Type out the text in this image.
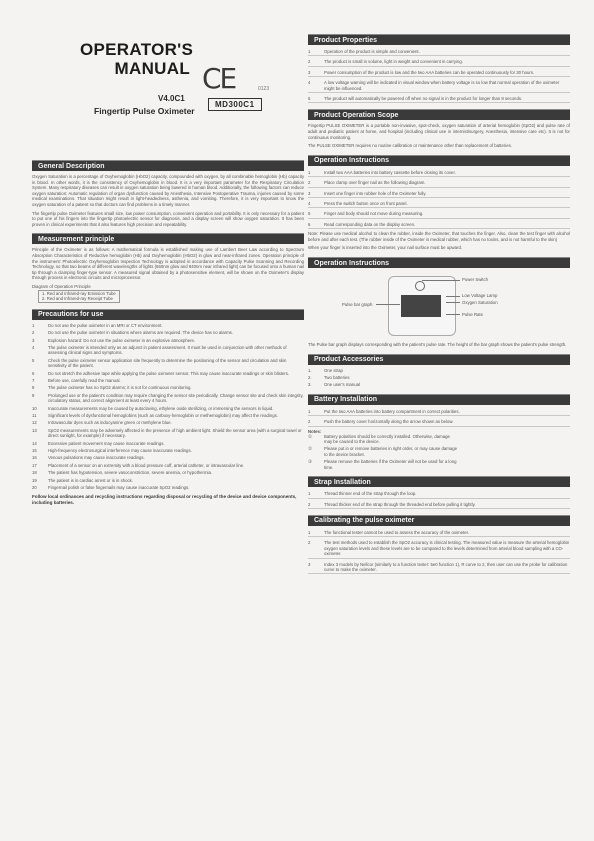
OPERATOR'S
MANUAL CE	0123
V4.0C1
Fingertip Pulse Oximeter
MD300C1
General Description

Oxygen Saturation is a percentage of Oxyhemoglobin (HbO2) capacity, compounded with oxygen, by all combinable hemoglobin (Hb) capacity in blood. In other words, it is the consistency of Oxyhemoglobin in blood. It is a very important parameter for the Respiratory Circulation System. Many respiratory diseases can result in oxygen saturation being lowered in human blood. Additionally, the following factors can reduce oxygen saturation: Automatic regulation of organ dysfunction caused by Anesthesia, Intensive Postoperative Trauma, injuries caused by some medical examinations. That situation might result in light-headedness, asthenia, and vomiting. Therefore, it is very important to know the oxygen saturation of a patient so that doctors can find problems in a timely manner.

The fingertip pulse Oximeter features small size, low power consumption, convenient operation and portability. It is only necessary for a patient to put one of his fingers into the fingertip photoelectric sensor for diagnosis, and a display screen will show oxygen saturation. It has been proven in clinical experiments that it also features high precision and repeatability.

Measurement principle

Principle of the Oximeter is as follows: A mathematical formula is established making use of Lambert Beer Law according to Spectrum Absorption Characteristics of Reductive hemoglobin (Hb) and Oxyhemoglobin (HbO2) in glow and near-infrared zones. Operation principle of the instrument: Photoelectric Oxyhemoglobin Inspection Technology is adopted in accordance with Capacity Pulse Scanning and Recording Technology, so that two beams of different wavelengths of lights (660nm glow and 940nm near infrared light) can be focused onto a human nail tip through a clamping finger-type sensor. A measured signal obtained by a photosensitive element, will be shown on the Oximeter's display through process in electronic circuits and microprocessor.

Diagram of Operation Principle
1. Red and Infrared-ray Emission Tube
2. Red and Infrared-ray Receipt Tube
Precautions for use
1	Do not use the pulse oximeter in an MRI or CT environment.
2	Do not use the pulse oximeter in situations where alarms are required. The device has no alarms.
3	Explosion hazard: Do not use the pulse oximeter in an explosive atmosphere.
4	The pulse oximeter is intended only as an adjunct in patient assessment. It must be used in conjunction with other methods of assessing clinical signs and symptoms.
5	Check the pulse oximeter sensor application site frequently to determine the positioning of the sensor and circulation and skin sensitivity of the patient.
6	Do not stretch the adhesive tape while applying the pulse oximeter sensor. This may cause inaccurate readings or skin blisters.
7	Before use, carefully read the manual.
8	The pulse oximeter has no SpO2 alarms; it is not for continuous monitoring.
9	Prolonged use or the patient's condition may require changing the sensor site periodically. Change sensor site and check skin integrity, circulatory status, and correct alignment at least every 4 hours.
10	Inaccurate measurements may be caused by autoclaving, ethylene oxide sterilizing, or immersing the sensors in liquid.
11	Significant levels of dysfunctional hemoglobins (such as carboxy-hemoglobin or methemoglobin) may affect the readings.
12	Intravascular dyes such as indocyanine green or methylene blue.
13	SpO2 measurements may be adversely affected in the presence of high ambient light. Shield the sensor area (with a surgical towel or direct sunlight, for example) if necessary.
14	Excessive patient movement may cause inaccurate readings.
15	High-frequency electrosurgical interference may cause inaccurate readings.
16	Venous pulsations may cause inaccurate readings.
17	Placement of a sensor on an extremity with a blood pressure cuff, arterial catheter, or intravascular line.
18	The patient has hypotension, severe vasoconstriction, severe anemia, or hypothermia.
19	The patient is in cardiac arrest or is in shock.
20	Fingernail polish or false fingernails may cause inaccurate SpO2 readings.
Follow local ordinances and recycling instructions regarding disposal or recycling of the device and device components, including batteries.
Product Properties
1	Operation of the product is simple and convenient.
2	The product is small in volume, light in weight and convenient in carrying.
3	Power consumption of the product is low and the two AAA batteries can be operated continuously for 30 hours.
4	A low voltage warning will be indicated in visual window when battery voltage is so low that normal operation of the oximeter might be influenced.
5	The product will automatically be powered off when no signal is in the product for longer than 8 seconds.
Product Operation Scope

Fingertip PULSE OXIMETER is a portable non-invasive, spot-check, oxygen saturation of arterial hemoglobin (SpO2) and pulse rate of adult and pediatric patient at home, and hospital (including clinical use in internist/surgery, Anesthesia, intensive care etc). It is not for continuous monitoring.

The PULSE OXIMETER requires no routine calibration or maintenance other than replacement of batteries.

Operation Instructions
1	Install two AAA batteries into battery cassette before closing its cover.
2	Place clamp over finger nail as the following diagram.
3	Insert one finger into rubber hole of the Oximeter fully.
4	Press the switch button once on front panel.
5	Finger and body should not move during measuring.
6	Read corresponding data on the display screen.

Note: Please use medical alcohol to clean the rubber, inside the Oximeter, that touches the finger. Also, clean the test finger with alcohol before and after each test. (The rubber inside of the Oximeter is medical rubber, which has no toxins, and is not harmful to the skin)

When your finger is inserted into the Oximeter, your nail surface must be upward.

Operation Instructions
Power Switch
Low Voltage Lamp
Oxygen Saturation
Pulse Rate
Pulse bar graph

The Pulse bar graph displays corresponding with the patient's pulse rate. The height of the bar graph shows the patient's pulse strength.

Product Accessories
1.	One strap
2.	Two batteries
3.	One user's manual
Battery Installation
1	Put the two AAA batteries into battery compartment in correct polarities.
2	Push the battery cover horizontally along the arrow shown as below.
Notes:
①	Battery polarities should be correctly installed. Otherwise, damage may be caused to the device.
②	Please put in or remove batteries in right order, or may cause damage to the device bracket.
③	Please remove the batteries if the Oximeter will not be used for a long time.
Strap Installation
1	Thread thinner end of the strap through the loop.
2	Thread thicker end of the strap through the threaded end before pulling it tightly.
Calibrating the pulse oximeter
1	The functional tester cannot be used to assess the accuracy of the oximeter.
2	The test methods used to establish the SpO2 accuracy is clinical testing. The measured value is measure the arterial hemoglobin oxygen saturation levels and these levels are to be compared to the levels determined from arterial blood sampling with a CO-oximeter.
3	Index 3 models by Nellcor (similarly to a function tester: 5e0 function 1), R curve to 2, then user can use the probe for calibration curve to make the oximeter.
